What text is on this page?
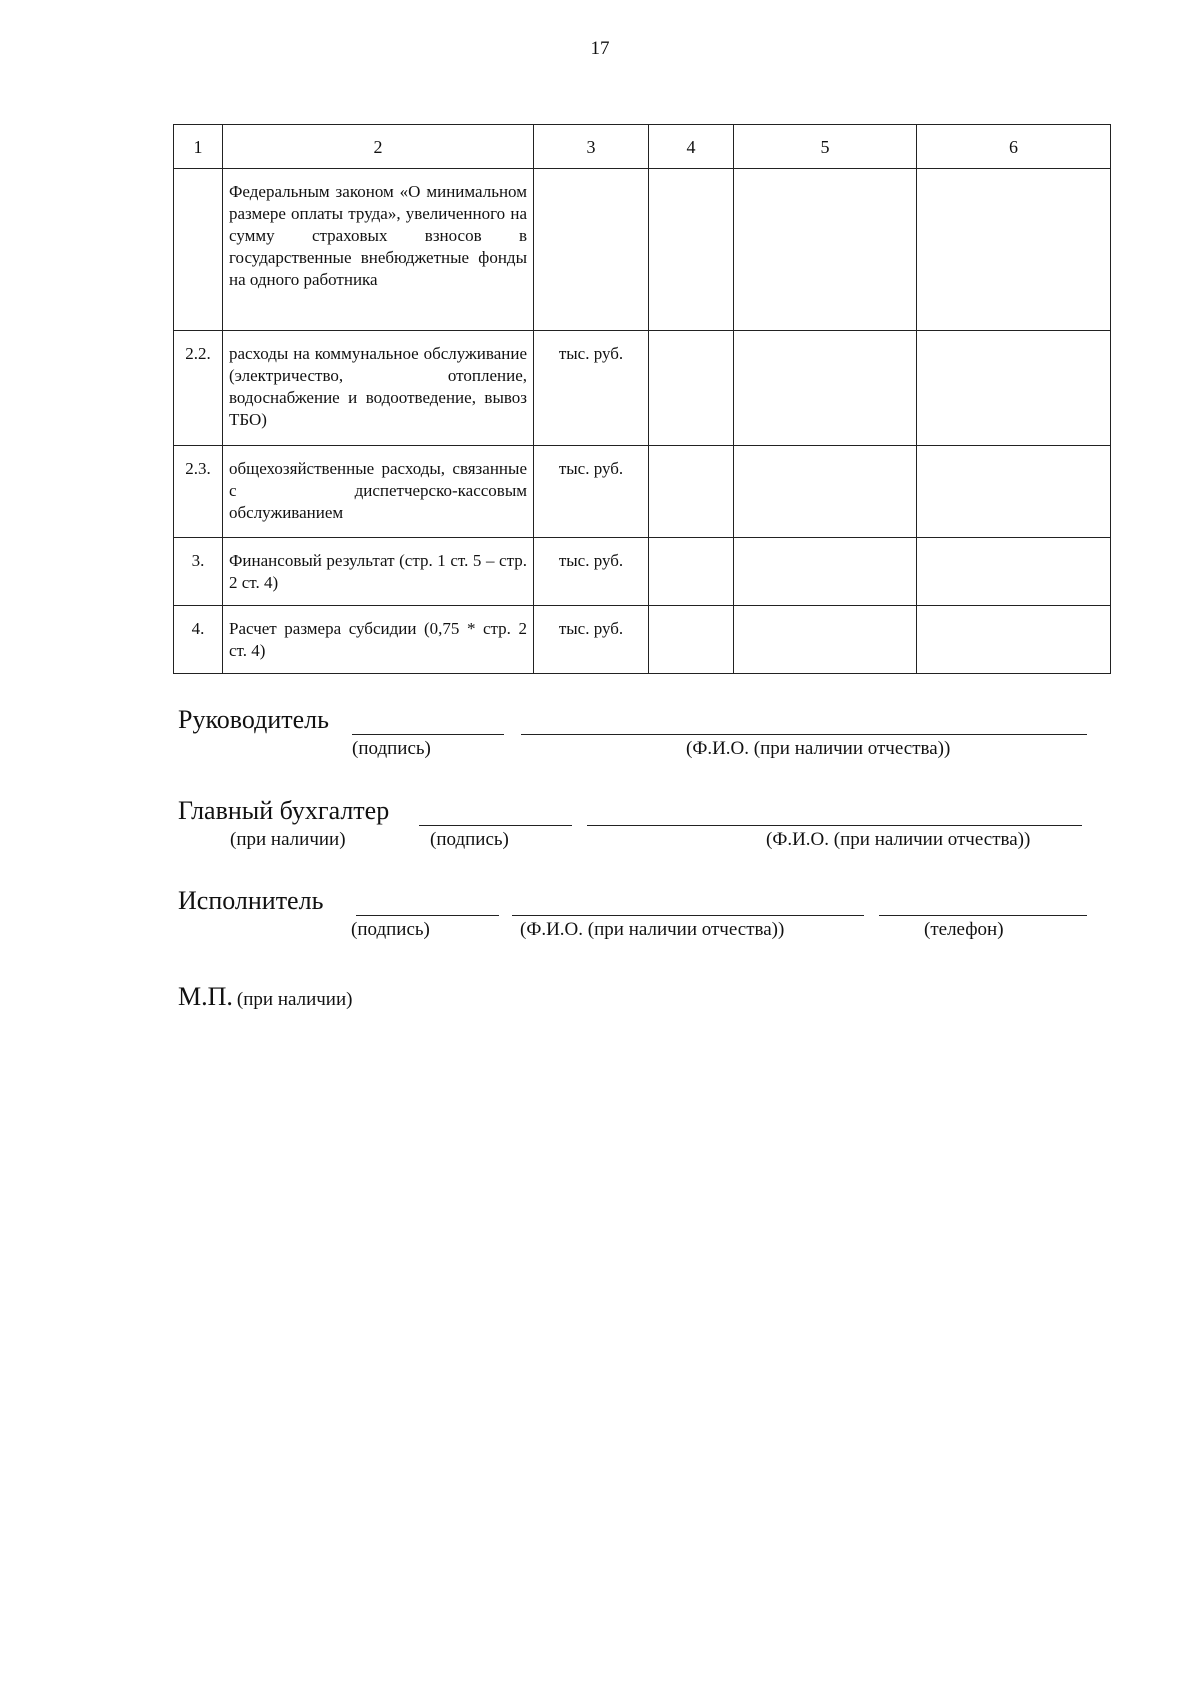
17
1	2	3	4	5	6
	Федеральным законом «О минимальном размере оплаты труда», увеличенного на сумму страховых взносов в государственные внебюджетные фонды на одного работника				
2.2.	расходы на коммунальное обслуживание (электричество, отопление, водоснабжение и водоотведение, вывоз ТБО)	тыс. руб.			
2.3.	общехозяйственные расходы, связанные с диспетчерско-кассовым обслуживанием	тыс. руб.			
3.	Финансовый результат (стр. 1 ст. 5 – стр. 2 ст. 4)	тыс. руб.			
4.	Расчет размера субсидии (0,75 * стр. 2 ст. 4)	тыс. руб.			
Руководитель
(подпись)	(Ф.И.О. (при наличии отчества))
Главный бухгалтер
(при наличии)	(подпись)	(Ф.И.О. (при наличии отчества))
Исполнитель
(подпись)	(Ф.И.О. (при наличии отчества))	(телефон)
М.П. (при наличии)
